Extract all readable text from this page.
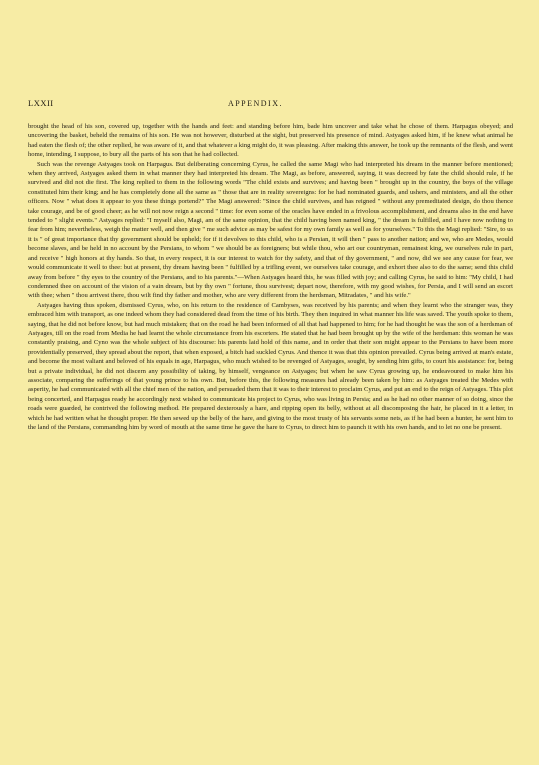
LXXII	APPENDIX.

brought the head of his son, covered up, together with the hands and feet: and standing before him, bade him uncover and take what he chose of them. Harpagus obeyed; and uncovering the basket, beheld the remains of his son. He was not however, disturbed at the sight, but preserved his presence of mind. Astyages asked him, if he knew what animal he had eaten the flesh of; the other replied, he was aware of it, and that whatever a king might do, it was pleasing. After making this answer, he took up the remnants of the flesh, and went home, intending, I suppose, to bury all the parts of his son that he had collected.

Such was the revenge Astyages took on Harpagus. But deliberating concerning Cyrus, he called the same Magi who had interpreted his dream in the manner before mentioned; when they arrived, Astyages asked them in what manner they had interpreted his dream. The Magi, as before, answered, saying, it was decreed by fate the child should rule, if he survived and did not die first. The king replied to them in the following words "The child exists and survives; and having been " brought up in the country, the boys of the village constituted him their king; and he has completely done all the same as " those that are in reality sovereigns: for he had nominated guards, and ushers, and ministers, and all the other officers. Now " what does it appear to you these things portend?" The Magi answered: "Since the child survives, and has reigned " without any premeditated design, do thou thence take courage, and be of good cheer; as he will not now reign a second " time: for even some of the oracles have ended in a frivolous accomplishment, and dreams also in the end have tended to " slight events." Astyages replied: "I myself also, Magi, am of the same opinion, that the child having been named king, " the dream is fulfilled, and I have now nothing to fear from him; nevertheless, weigh the matter well, and then give " me such advice as may be safest for my own family as well as for yourselves." To this the Magi replied: "Sire, to us it is " of great importance that thy government should be upheld; for if it devolves to this child, who is a Persian, it will then " pass to another nation; and we, who are Medes, would become slaves, and be held in no account by the Persians, to whom " we should be as foreigners; but while thou, who art our countryman, remainest king, we ourselves rule in part, and receive " high honors at thy hands. So that, in every respect, it is our interest to watch for thy safety, and that of thy government, " and now, did we see any cause for fear, we would communicate it well to thee: but at present, thy dream having been " fulfilled by a trifling event, we ourselves take courage, and exhort thee also to do the same; send this child away from before " thy eyes to the country of the Persians, and to his parents."—When Astyages heard this, he was filled with joy; and calling Cyrus, he said to him: "My child, I had condemned thee on account of the vision of a vain dream, but by thy own " fortune, thou survivest; depart now, therefore, with my good wishes, for Persia, and I will send an escort with thee; when " thou arrivest there, thou wilt find thy father and mother, who are very different from the herdsman, Mitradates, " and his wife."

Astyages having thus spoken, dismissed Cyrus, who, on his return to the residence of Cambyses, was received by his parents; and when they learnt who the stranger was, they embraced him with transport, as one indeed whom they had considered dead from the time of his birth. They then inquired in what manner his life was saved. The youth spoke to them, saying, that he did not before know, but had much mistaken; that on the road he had been informed of all that had happened to him; for he had thought he was the son of a herdsman of Astyages, till on the road from Media he had learnt the whole circumstance from his escorters. He stated that he had been brought up by the wife of the herdsman: this woman he was constantly praising, and Cyno was the whole subject of his discourse: his parents laid hold of this name, and in order that their son might appear to the Persians to have been more providentially preserved, they spread about the report, that when exposed, a bitch had suckled Cyrus. And thence it was that this opinion prevailed. Cyrus being arrived at man's estate, and become the most valiant and beloved of his equals in age, Harpagus, who much wished to be revenged of Astyages, sought, by sending him gifts, to court his assistance: for, being but a private individual, he did not discern any possibility of taking, by himself, vengeance on Astyages; but when he saw Cyrus growing up, he endeavoured to make him his associate, comparing the sufferings of that young prince to his own. But, before this, the following measures had already been taken by him: as Astyages treated the Medes with asperity, he had communicated with all the chief men of the nation, and persuaded them that it was to their interest to proclaim Cyrus, and put an end to the reign of Astyages. This plot being concerted, and Harpagus ready he accordingly next wished to communicate his project to Cyrus, who was living in Persia; and as he had no other manner of so doing, since the roads were guarded, he contrived the following method. He prepared dexterously a hare, and ripping open its belly, without at all discomposing the hair, he placed in it a letter, in which he had written what he thought proper. He then sewed up the belly of the hare, and giving to the most trusty of his servants some nets, as if he had been a hunter, he sent him to the land of the Persians, commanding him by word of mouth at the same time he gave the hare to Cyrus, to direct him to paunch it with his own hands, and to let no one be present.
